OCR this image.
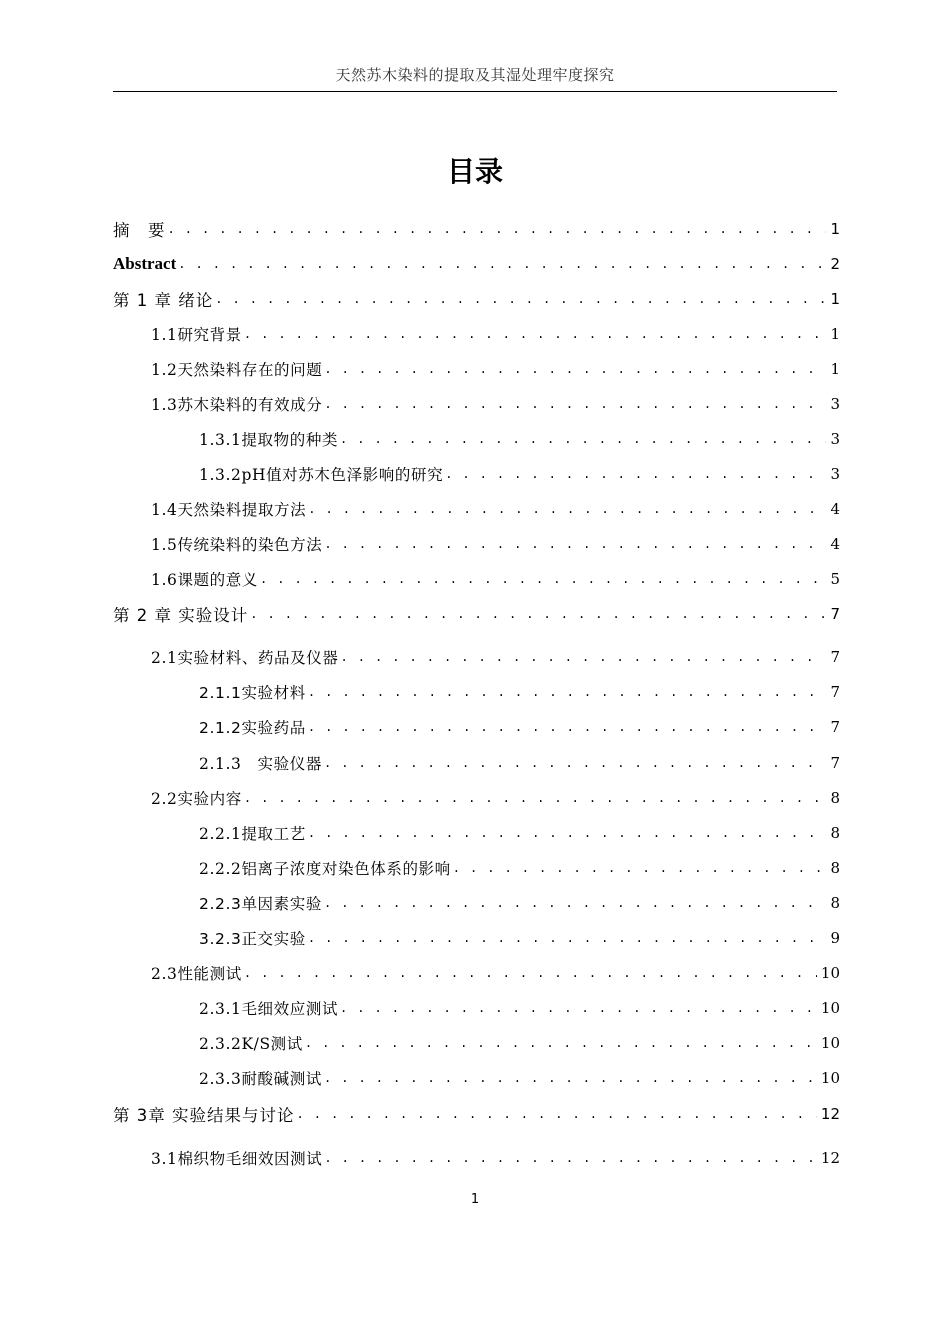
天然苏木染料的提取及其湿处理牢度探究
目录
摘　要 . . .	1
Abstract . . .	2
第 1 章 绪论 . . .	1
1.1研究背景 . . .	1
1.2天然染料存在的问题 . . .	1
1.3苏木染料的有效成分 . . .	3
1.3.1提取物的种类 . . .	3
1.3.2pH值对苏木色泽影响的研究 . . .	3
1.4天然染料提取方法 . . .	4
1.5传统染料的染色方法 . . .	4
1.6课题的意义 . . .	5
第 2 章 实验设计 . . .	7
2.1实验材料、药品及仪器 . . .	7
2.1.1实验材料 . . .	7
2.1.2实验药品 . . .	7
2.1.3　实验仪器 . . .	7
2.2实验内容 . . .	8
2.2.1提取工艺 . . .	8
2.2.2铝离子浓度对染色体系的影响 . . .	8
2.2.3单因素实验 . . .	8
3.2.3正交实验 . . .	9
2.3性能测试 . . .	10
2.3.1毛细效应测试 . . .	10
2.3.2K/S测试 . . .	10
2.3.3耐酸碱测试 . . .	10
第 3章 实验结果与讨论 . . .	12
3.1棉织物毛细效因测试 . . .	12
1
